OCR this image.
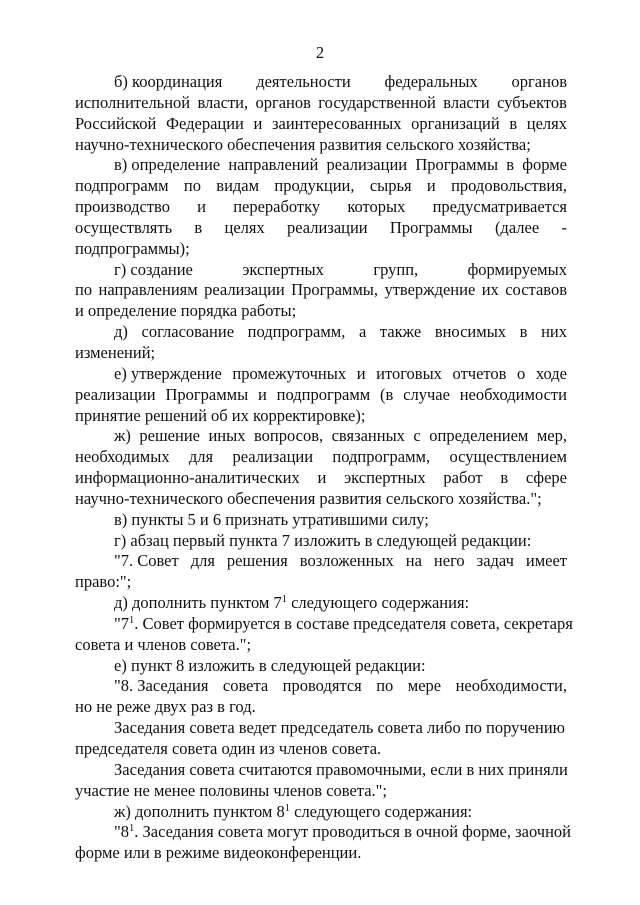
2
б) координация деятельности федеральных органов
исполнительной власти, органов государственной власти субъектов
Российской Федерации и заинтересованных организаций в целях
научно-технического обеспечения развития сельского хозяйства;
в) определение направлений реализации Программы в форме
подпрограмм по видам продукции, сырья и продовольствия,
производство и переработку которых предусматривается
осуществлять в целях реализации Программы (далее -
подпрограммы);
г) создание	экспертных	групп,	формируемых
по направлениям реализации Программы, утверждение их составов
и определение порядка работы;
д) согласование подпрограмм, а также вносимых в них
изменений;
е) утверждение промежуточных и итоговых отчетов о ходе
реализации Программы и подпрограмм (в случае необходимости
принятие решений об их корректировке);
ж) решение иных вопросов, связанных с определением мер,
необходимых для реализации подпрограмм, осуществлением
информационно-аналитических и экспертных работ в сфере
научно-технического обеспечения развития сельского хозяйства.";
в) пункты 5 и 6 признать утратившими силу;
г) абзац первый пункта 7 изложить в следующей редакции:
"7. Совет для решения возложенных на него задач имеет
право:";
д) дополнить пунктом $7^1$ следующего содержания:
"$7^1$. Совет формируется в составе председателя совета, секретаря
совета и членов совета.";
е) пункт 8 изложить в следующей редакции:
"8. Заседания совета проводятся по мере необходимости,
но не реже двух раз в год.
Заседания совета ведет председатель совета либо по поручению
председателя совета один из членов совета.
Заседания совета считаются правомочными, если в них приняли
участие не менее половины членов совета.";
ж) дополнить пунктом $8^1$ следующего содержания:
"$8^1$. Заседания совета могут проводиться в очной форме, заочной
форме или в режиме видеоконференции.
